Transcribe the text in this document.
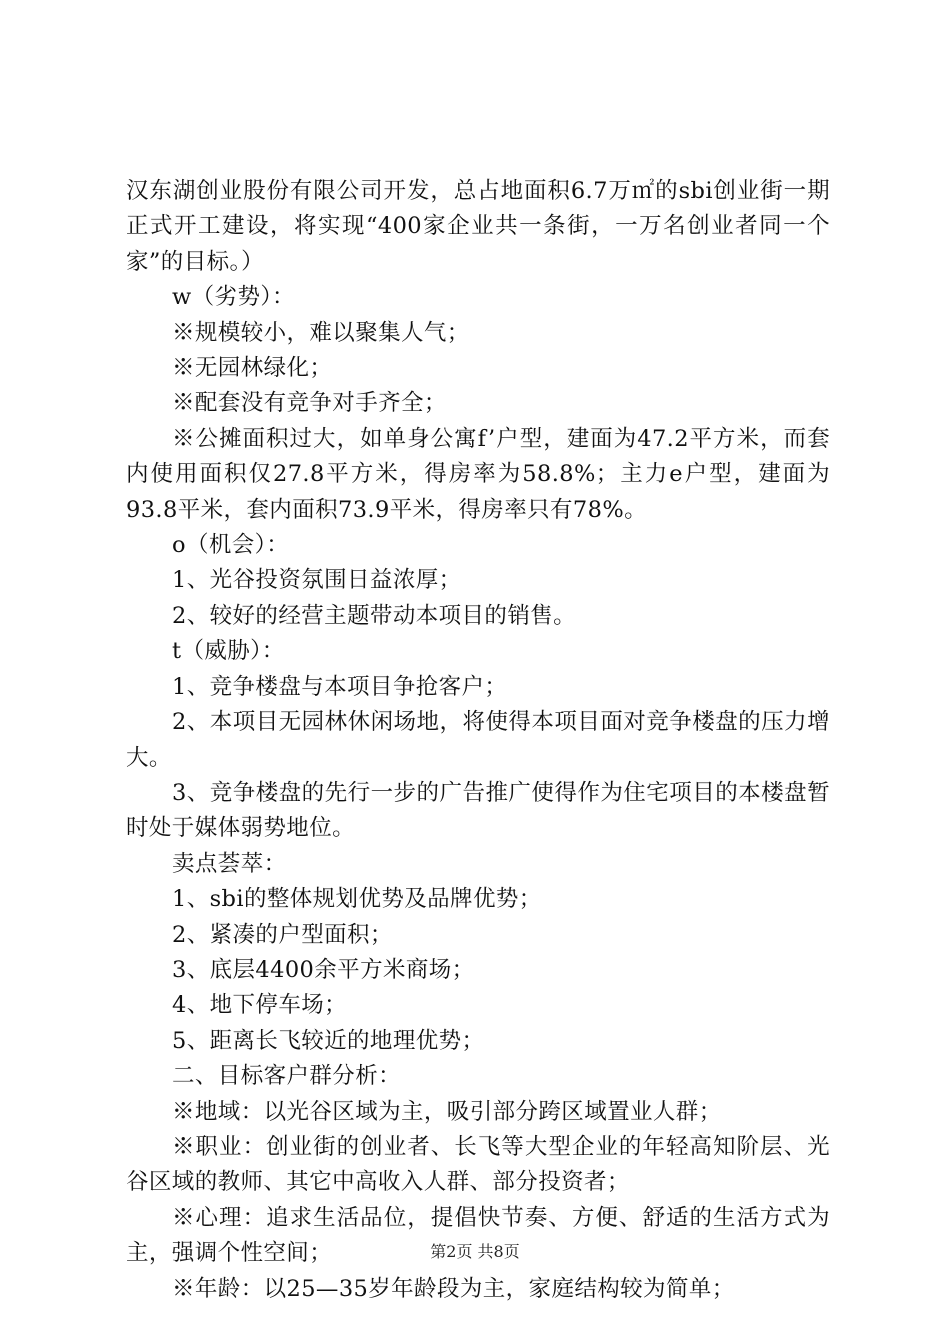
汉东湖创业股份有限公司开发，总占地面积6.7万㎡的sbi创业街一期正式开工建设，将实现“400家企业共一条街，一万名创业者同一个家”的目标。）

w（劣势）：

※规模较小，难以聚集人气；

※无园林绿化；

※配套没有竞争对手齐全；

※公摊面积过大，如单身公寓f’户型，建面为47.2平方米，而套内使用面积仅27.8平方米，得房率为58.8%；主力e户型，建面为93.8平米，套内面积73.9平米，得房率只有78%。

o（机会）：

1、光谷投资氛围日益浓厚；

2、较好的经营主题带动本项目的销售。

t（威胁）：

1、竞争楼盘与本项目争抢客户；

2、本项目无园林休闲场地，将使得本项目面对竞争楼盘的压力增大。

3、竞争楼盘的先行一步的广告推广使得作为住宅项目的本楼盘暂时处于媒体弱势地位。

卖点荟萃：

1、sbi的整体规划优势及品牌优势；

2、紧凑的户型面积；

3、底层4400余平方米商场；

4、地下停车场；

5、距离长飞较近的地理优势；

二、目标客户群分析：

※地域：以光谷区域为主，吸引部分跨区域置业人群；

※职业：创业街的创业者、长飞等大型企业的年轻高知阶层、光谷区域的教师、其它中高收入人群、部分投资者；

※心理：追求生活品位，提倡快节奏、方便、舒适的生活方式为主，强调个性空间；

※年龄：以25—35岁年龄段为主，家庭结构较为简单；

第2页 共8页
